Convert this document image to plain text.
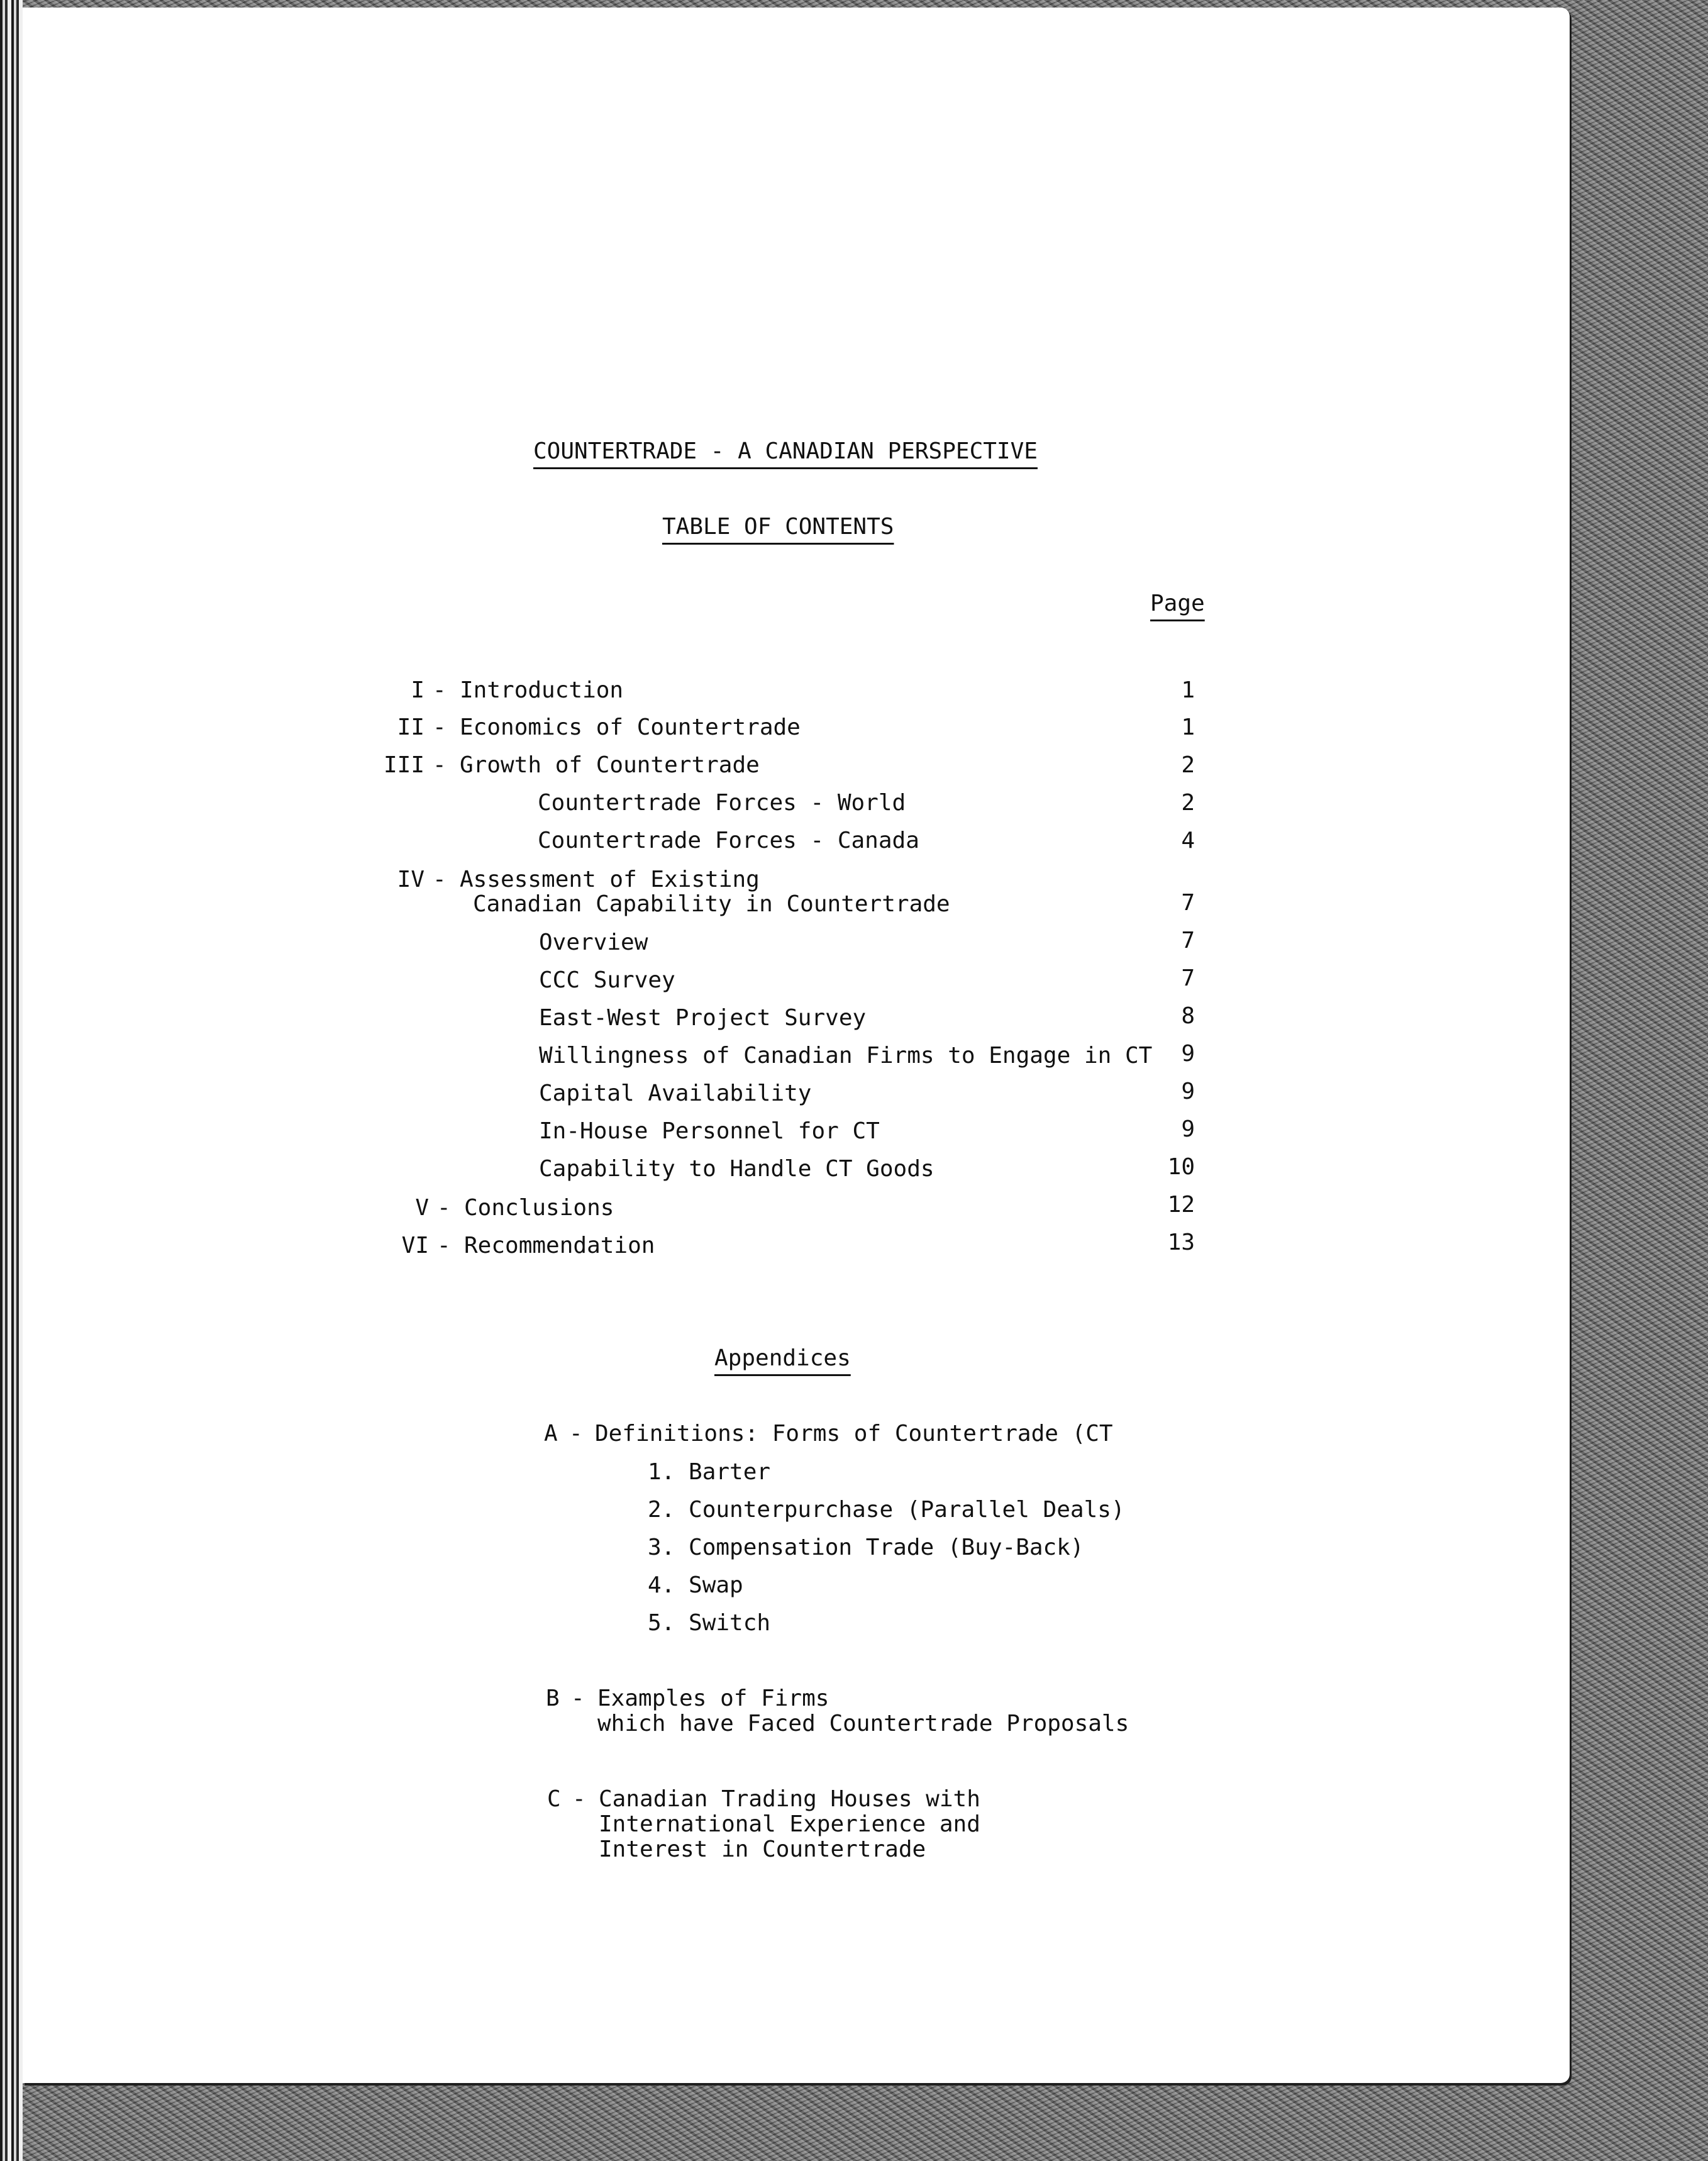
COUNTERTRADE - A CANADIAN PERSPECTIVE
TABLE OF CONTENTS
Page
I - Introduction	1
II - Economics of Countertrade	1
III - Growth of Countertrade	2
Countertrade Forces - World	2
Countertrade Forces - Canada	4
IV - Assessment of Existing
Canadian Capability in Countertrade	7
Overview	7
CCC Survey	7
East-West Project Survey	8
Willingness of Canadian Firms to Engage in CT	9
Capital Availability	9
In-House Personnel for CT	9
Capability to Handle CT Goods	10
V - Conclusions	12
VI - Recommendation	13
Appendices
A - Definitions: Forms of Countertrade (CT
1. Barter
2. Counterpurchase (Parallel Deals)
3. Compensation Trade (Buy-Back)
4. Swap
5. Switch
B - Examples of Firms
which have Faced Countertrade Proposals
C - Canadian Trading Houses with
International Experience and
Interest in Countertrade
